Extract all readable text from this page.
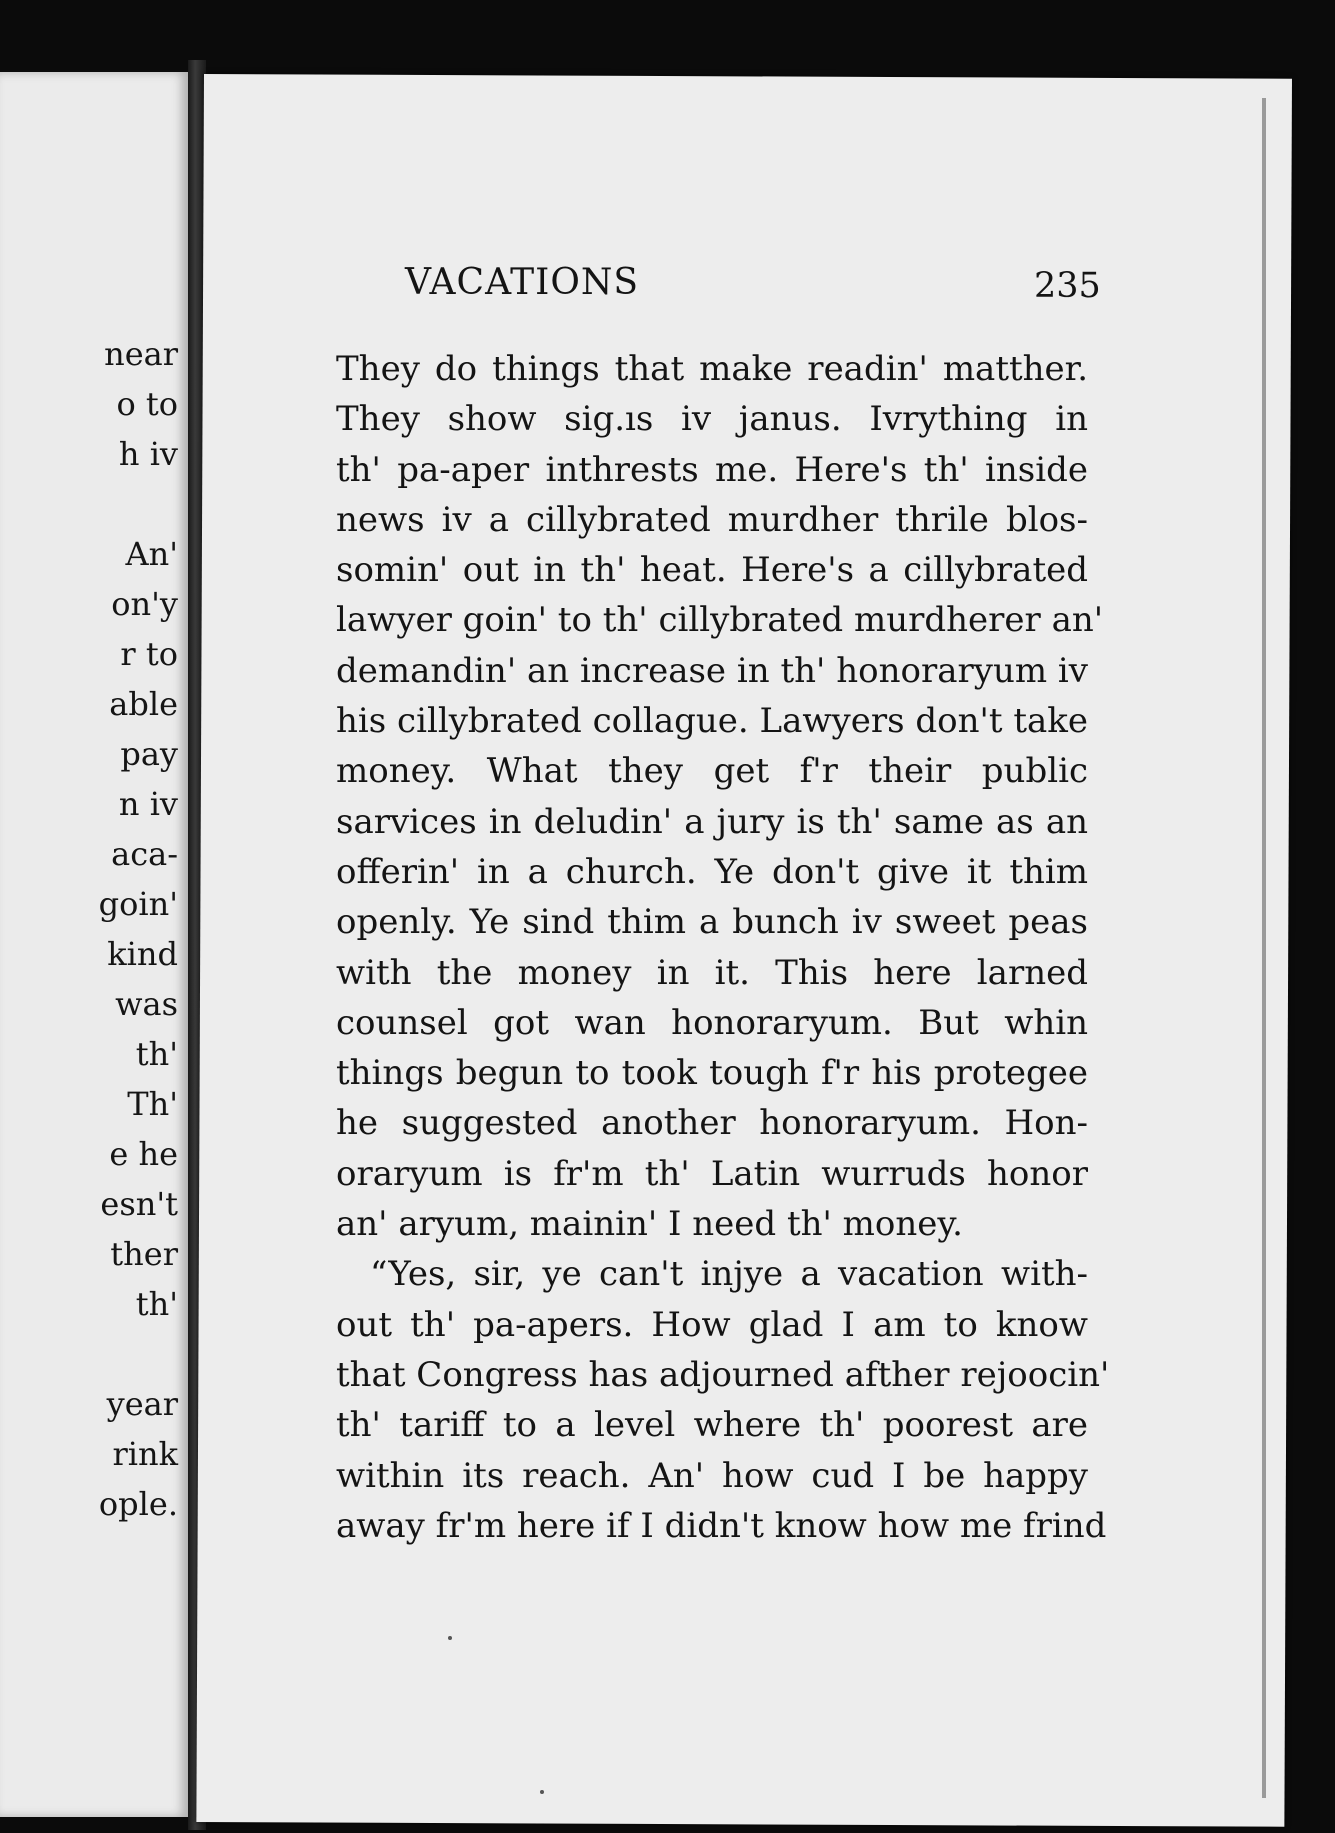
near
o to
h iv
An'
on'y
r to
able
pay
n iv
aca-
goin'
kind
was
th'
Th'
e he
esn't
ther
th'
year
rink
ople.
VACATIONS	235
They do things that make readin' matther.
They show sig.ıs iv janus. Ivrything in
th' pa-aper inthrests me. Here's th' inside
news iv a cillybrated murdher thrile blos-
somin' out in th' heat. Here's a cillybrated
lawyer goin' to th' cillybrated murdherer an'
demandin' an increase in th' honoraryum iv
his cillybrated collague. Lawyers don't take
money. What they get f'r their public
sarvices in deludin' a jury is th' same as an
offerin' in a church. Ye don't give it thim
openly. Ye sind thim a bunch iv sweet peas
with the money in it. This here larned
counsel got wan honoraryum. But whin
things begun to took tough f'r his protegee
he suggested another honoraryum. Hon-
oraryum is fr'm th' Latin wurruds honor
an' aryum, mainin' I need th' money.
“Yes, sir, ye can't injye a vacation with-
out th' pa-apers. How glad I am to know
that Congress has adjourned afther rejoocin'
th' tariff to a level where th' poorest are
within its reach. An' how cud I be happy
away fr'm here if I didn't know how me frind
